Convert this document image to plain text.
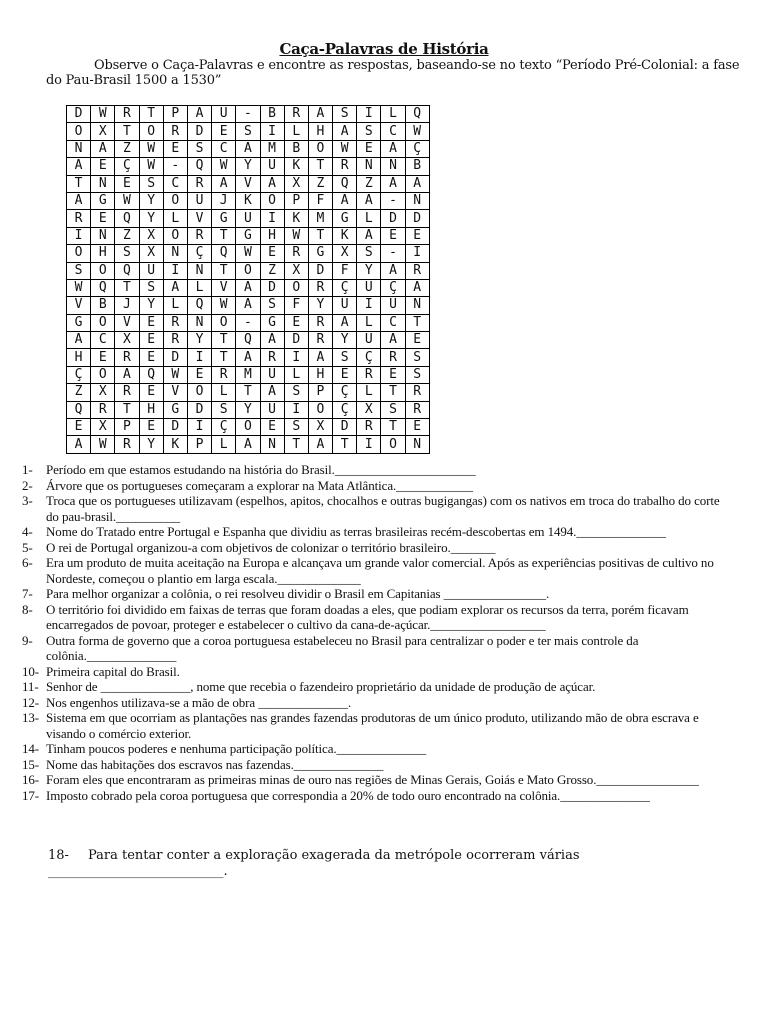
Caça-Palavras de História
Observe o Caça-Palavras e encontre as respostas, baseando-se no texto “Período Pré-Colonial: a fase do Pau-Brasil 1500 a 1530”
D	W	R	T	P	A	U	-	B	R	A	S	I	L	Q
O	X	T	O	R	D	E	S	I	L	H	A	S	C	W
N	A	Z	W	E	S	C	A	M	B	O	W	E	A	Ç
A	E	Ç	W	-	Q	W	Y	U	K	T	R	N	N	B
T	N	E	S	C	R	A	V	A	X	Z	Q	Z	A	A
A	G	W	Y	O	U	J	K	O	P	F	A	A	-	N
R	E	Q	Y	L	V	G	U	I	K	M	G	L	D	D
I	N	Z	X	O	R	T	G	H	W	T	K	A	E	E
O	H	S	X	N	Ç	Q	W	E	R	G	X	S	-	I
S	O	Q	U	I	N	T	O	Z	X	D	F	Y	A	R
W	Q	T	S	A	L	V	A	D	O	R	Ç	U	Ç	A
V	B	J	Y	L	Q	W	A	S	F	Y	U	I	U	N
G	O	V	E	R	N	O	-	G	E	R	A	L	C	T
A	C	X	E	R	Y	T	Q	A	D	R	Y	U	A	E
H	E	R	E	D	I	T	A	R	I	A	S	Ç	R	S
Ç	O	A	Q	W	E	R	M	U	L	H	E	R	E	S
Z	X	R	E	V	O	L	T	A	S	P	Ç	L	T	R
Q	R	T	H	G	D	S	Y	U	I	O	Ç	X	S	R
E	X	P	E	D	I	Ç	Õ	E	S	X	D	R	T	E
A	W	R	Y	K	P	L	A	N	T	A	T	I	O	N
1- Período em que estamos estudando na história do Brasil.______________________
2- Árvore que os portugueses começaram a explorar na Mata Atlântica.____________
3- Troca que os portugueses utilizavam (espelhos, apitos, chocalhos e outras bugigangas) com os nativos em troca do trabalho do corte do pau-brasil.__________
4- Nome do Tratado entre Portugal e Espanha que dividiu as terras brasileiras recém-descobertas em 1494.______________
5- O rei de Portugal organizou-a com objetivos de colonizar o território brasileiro._______
6- Era um produto de muita aceitação na Europa e alcançava um grande valor comercial. Após as experiências positivas de cultivo no Nordeste, começou o plantio em larga escala._____________
7- Para melhor organizar a colônia, o rei resolveu dividir o Brasil em Capitanias ________________.
8- O território foi dividido em faixas de terras que foram doadas a eles, que podiam explorar os recursos da terra, porém ficavam encarregados de povoar, proteger e estabelecer o cultivo da cana-de-açúcar.__________________
9- Outra forma de governo que a coroa portuguesa estabeleceu no Brasil para centralizar o poder e ter mais controle da colônia.______________
10- Primeira capital do Brasil.
11- Senhor de ______________, nome que recebia o fazendeiro proprietário da unidade de produção de açúcar.
12- Nos engenhos utilizava-se a mão de obra ______________.
13- Sistema em que ocorriam as plantações nas grandes fazendas produtoras de um único produto, utilizando mão de obra escrava e visando o comércio exterior.
14- Tinham poucos poderes e nenhuma participação política.______________
15- Nome das habitações dos escravos nas fazendas.______________
16- Foram eles que encontraram as primeiras minas de ouro nas regiões de Minas Gerais, Goiás e Mato Grosso.________________
17- Imposto cobrado pela coroa portuguesa que correspondia a 20% de todo ouro encontrado na colônia.______________
18- Para tentar conter a exploração exagerada da metrópole ocorreram várias
___________________________.
